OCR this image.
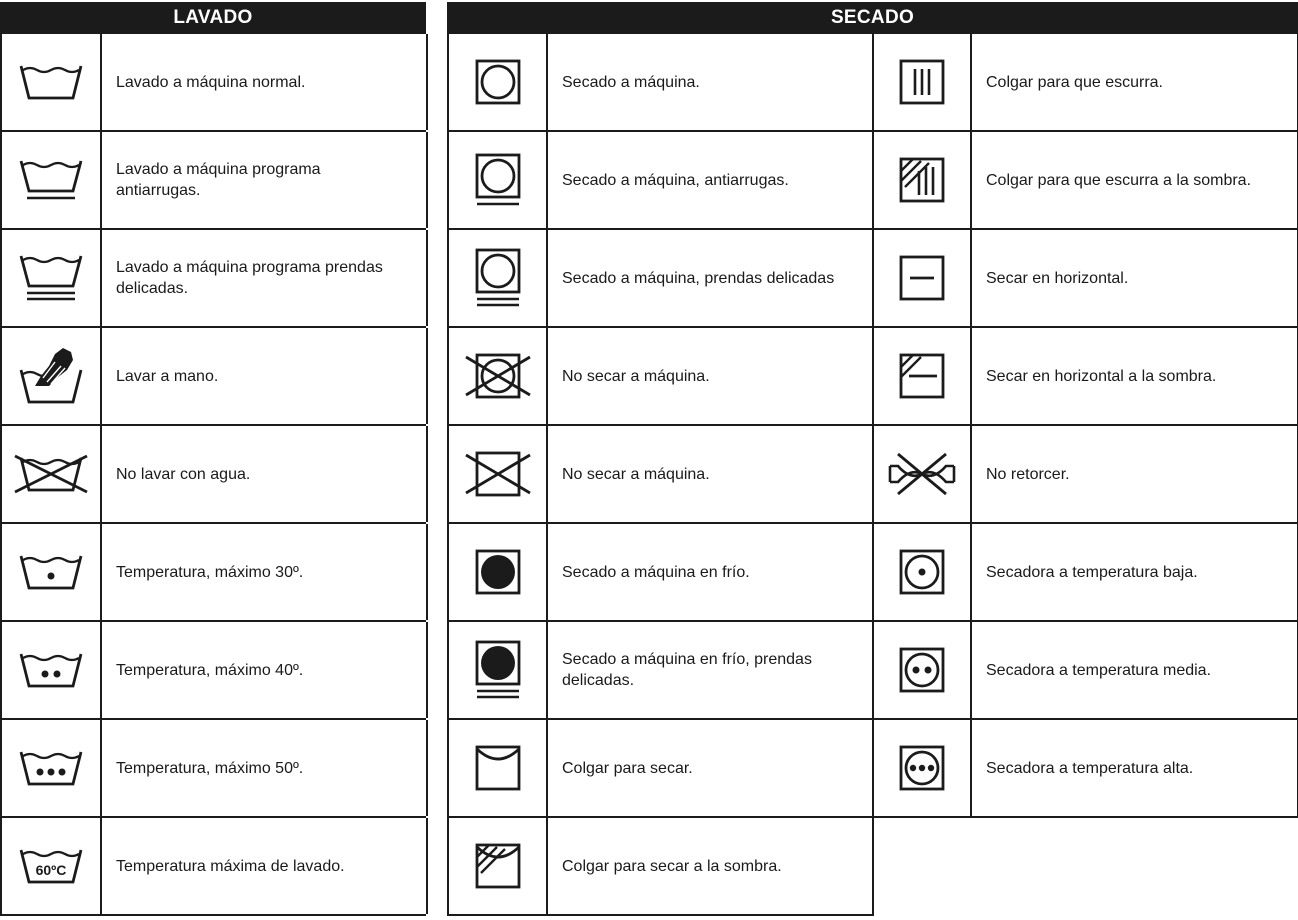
LAVADO
Lavado a máquina normal.
Lavado a máquina programa antiarrugas.
Lavado a máquina programa prendas delicadas.
Lavar a mano.
No lavar con agua.
Temperatura, máximo 30º.
Temperatura, máximo 40º.
Temperatura, máximo 50º.
60ºC	Temperatura máxima de lavado.
SECADO
Secado a máquina.
Secado a máquina, antiarrugas.
Secado a máquina, prendas delicadas
No secar a máquina.
No secar a máquina.
Secado a máquina en frío.
Secado a máquina en frío, prendas delicadas.
Colgar para secar.
Colgar para secar a la sombra.
Colgar para que escurra.
Colgar para que escurra a la sombra.
Secar en horizontal.
Secar en horizontal a la sombra.
No retorcer.
Secadora a temperatura baja.
Secadora a temperatura media.
Secadora a temperatura alta.
